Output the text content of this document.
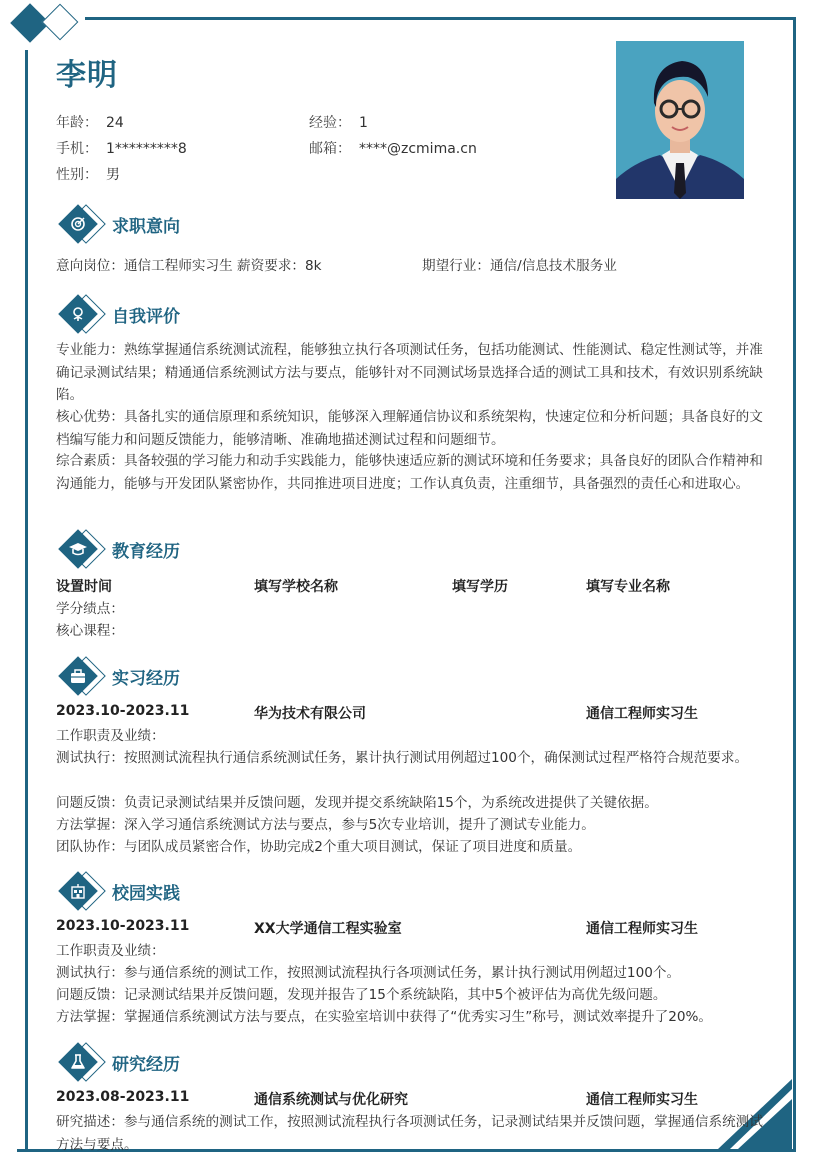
李明
年龄： 24	经验： 1
手机： 1*********8	邮箱： ****@zcmima.cn
性别： 男
求职意向
意向岗位：通信工程师实习生 薪资要求：8k	期望行业：通信/信息技术服务业
自我评价
专业能力：熟练掌握通信系统测试流程，能够独立执行各项测试任务，包括功能测试、性能测试、稳定性测试等，并准确记录测试结果；精通通信系统测试方法与要点，能够针对不同测试场景选择合适的测试工具和技术，有效识别系统缺陷。
核心优势：具备扎实的通信原理和系统知识，能够深入理解通信协议和系统架构，快速定位和分析问题；具备良好的文档编写能力和问题反馈能力，能够清晰、准确地描述测试过程和问题细节。
综合素质：具备较强的学习能力和动手实践能力，能够快速适应新的测试环境和任务要求；具备良好的团队合作精神和沟通能力，能够与开发团队紧密协作，共同推进项目进度；工作认真负责，注重细节，具备强烈的责任心和进取心。
教育经历
设置时间	填写学校名称	填写学历	填写专业名称
学分绩点：
核心课程：
实习经历
2023.10-2023.11	华为技术有限公司	通信工程师实习生
工作职责及业绩：
测试执行：按照测试流程执行通信系统测试任务，累计执行测试用例超过100个，确保测试过程严格符合规范要求。
问题反馈：负责记录测试结果并反馈问题，发现并提交系统缺陷15个，为系统改进提供了关键依据。
方法掌握：深入学习通信系统测试方法与要点，参与5次专业培训，提升了测试专业能力。
团队协作：与团队成员紧密合作，协助完成2个重大项目测试，保证了项目进度和质量。
校园实践
2023.10-2023.11	XX大学通信工程实验室	通信工程师实习生
工作职责及业绩：
测试执行：参与通信系统的测试工作，按照测试流程执行各项测试任务，累计执行测试用例超过100个。
问题反馈：记录测试结果并反馈问题，发现并报告了15个系统缺陷，其中5个被评估为高优先级问题。
方法掌握：掌握通信系统测试方法与要点，在实验室培训中获得了“优秀实习生”称号，测试效率提升了20%。
研究经历
2023.08-2023.11	通信系统测试与优化研究	通信工程师实习生
研究描述：参与通信系统的测试工作，按照测试流程执行各项测试任务，记录测试结果并反馈问题，掌握通信系统测试方法与要点。
